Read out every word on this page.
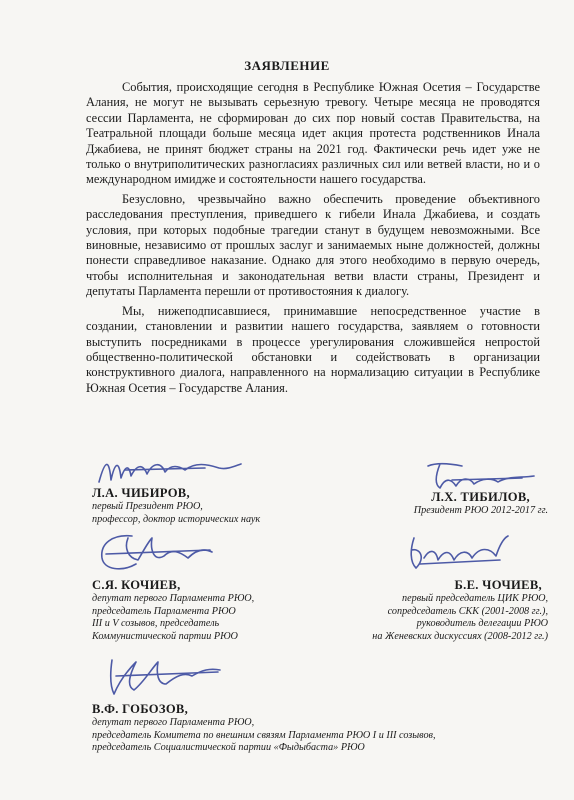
ЗАЯВЛЕНИЕ

События, происходящие сегодня в Республике Южная Осетия – Государстве Алания, не могут не вызывать серьезную тревогу. Четыре месяца не проводятся сессии Парламента, не сформирован до сих пор новый состав Правительства, на Театральной площади больше месяца идет акция протеста родственников Инала Джабиева, не принят бюджет страны на 2021 год. Фактически речь идет уже не только о внутриполитических разногласиях различных сил или ветвей власти, но и о международном имидже и состоятельности нашего государства.

Безусловно, чрезвычайно важно обеспечить проведение объективного расследования преступления, приведшего к гибели Инала Джабиева, и создать условия, при которых подобные трагедии станут в будущем невозможными. Все виновные, независимо от прошлых заслуг и занимаемых ныне должностей, должны понести справедливое наказание. Однако для этого необходимо в первую очередь, чтобы исполнительная и законодательная ветви власти страны, Президент и депутаты Парламента перешли от противостояния к диалогу.

Мы, нижеподписавшиеся, принимавшие непосредственное участие в создании, становлении и развитии нашего государства, заявляем о готовности выступить посредниками в процессе урегулирования сложившейся непростой общественно-политической обстановки и содействовать в организации конструктивного диалога, направленного на нормализацию ситуации в Республике Южная Осетия – Государстве Алания.

Л.А. ЧИБИРОВ,
первый Президент РЮО,
профессор, доктор исторических наук
Л.Х. ТИБИЛОВ,
Президент РЮО 2012-2017 гг.
С.Я. КОЧИЕВ,
депутат первого Парламента РЮО,
председатель Парламента РЮО
III и V созывов, председатель
Коммунистической партии РЮО
Б.Е. ЧОЧИЕВ,
первый председатель ЦИК РЮО,
сопредседатель СКК (2001-2008 гг.),
руководитель делегации РЮО
на Женевских дискуссиях (2008-2012 гг.)
В.Ф. ГОБОЗОВ,
депутат первого Парламента РЮО,
председатель Комитета по внешним связям Парламента РЮО I и III созывов,
председатель Социалистической партии «Фыдыбаста» РЮО
